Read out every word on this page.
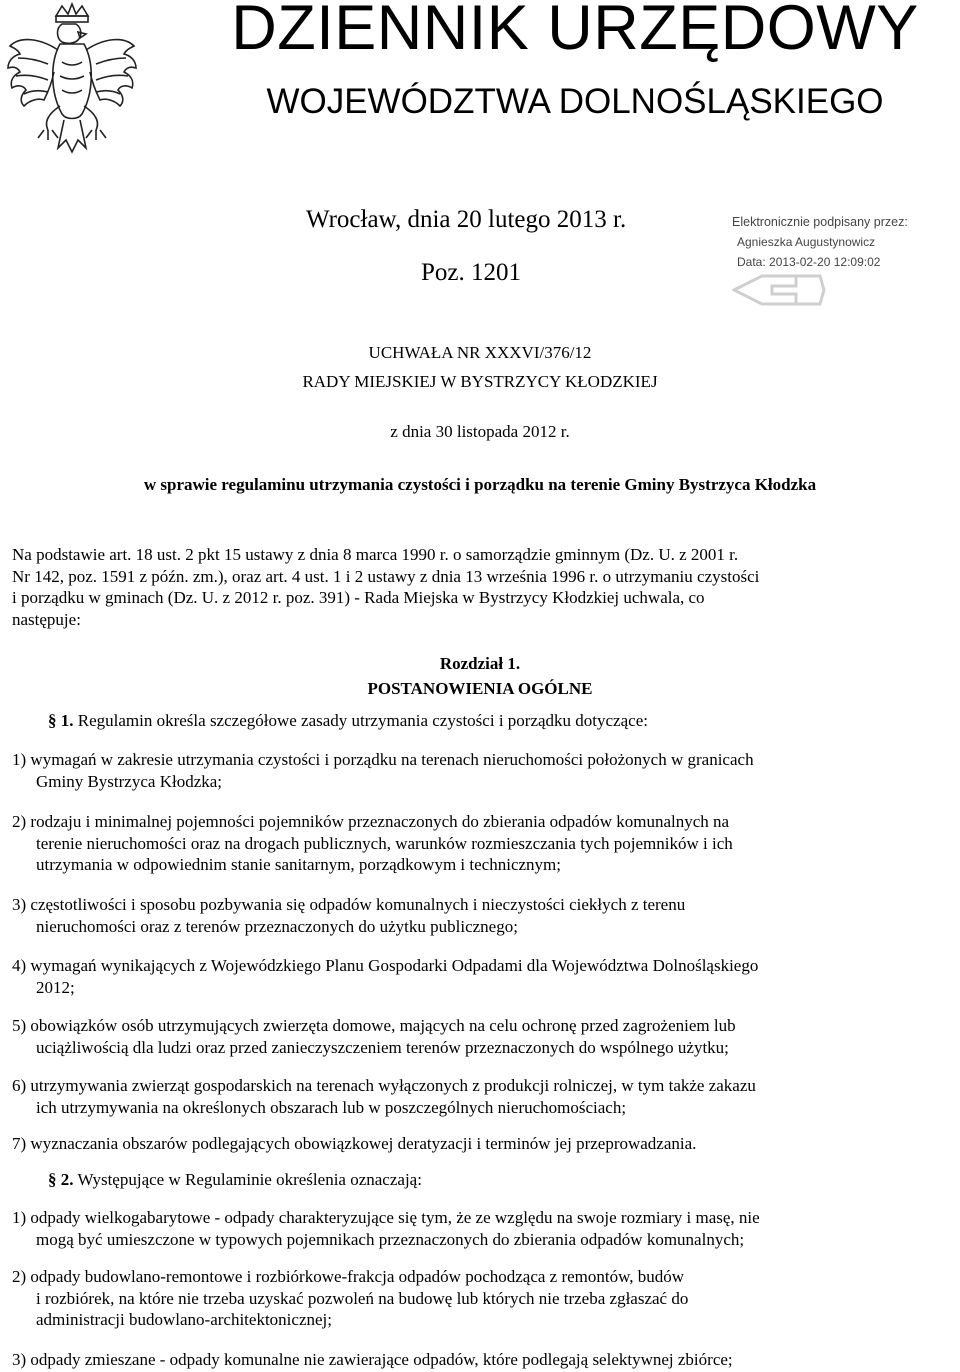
DZIENNIK URZĘDOWY
WOJEWÓDZTWA DOLNOŚLĄSKIEGO
Wrocław, dnia 20 lutego 2013 r.
Poz. 1201
Elektronicznie podpisany przez:
Agnieszka Augustynowicz
Data: 2013-02-20 12:09:02
UCHWAŁA NR XXXVI/376/12
RADY MIEJSKIEJ W BYSTRZYCY KŁODZKIEJ
z dnia 30 listopada 2012 r.
w sprawie regulaminu utrzymania czystości i porządku na terenie Gminy Bystrzyca Kłodzka
Na podstawie art. 18 ust. 2 pkt 15 ustawy z dnia 8 marca 1990 r. o samorządzie gminnym (Dz. U. z 2001 r.
Nr 142, poz. 1591 z późn. zm.), oraz art. 4 ust. 1 i 2 ustawy z dnia 13 września 1996 r. o utrzymaniu czystości
i porządku w gminach (Dz. U. z 2012 r. poz. 391) - Rada Miejska w Bystrzycy Kłodzkiej uchwala, co
następuje:
Rozdział 1.
POSTANOWIENIA OGÓLNE
§ 1. Regulamin określa szczegółowe zasady utrzymania czystości i porządku dotyczące:
1) wymagań w zakresie utrzymania czystości i porządku na terenach nieruchomości położonych w granicach
Gminy Bystrzyca Kłodzka;
2) rodzaju i minimalnej pojemności pojemników przeznaczonych do zbierania odpadów komunalnych na
terenie nieruchomości oraz na drogach publicznych, warunków rozmieszczania tych pojemników i ich
utrzymania w odpowiednim stanie sanitarnym, porządkowym i technicznym;
3) częstotliwości i sposobu pozbywania się odpadów komunalnych i nieczystości ciekłych z terenu
nieruchomości oraz z terenów przeznaczonych do użytku publicznego;
4) wymagań wynikających z Wojewódzkiego Planu Gospodarki Odpadami dla Województwa Dolnośląskiego
2012;
5) obowiązków osób utrzymujących zwierzęta domowe, mających na celu ochronę przed zagrożeniem lub
uciążliwością dla ludzi oraz przed zanieczyszczeniem terenów przeznaczonych do wspólnego użytku;
6) utrzymywania zwierząt gospodarskich na terenach wyłączonych z produkcji rolniczej, w tym także zakazu
ich utrzymywania na określonych obszarach lub w poszczególnych nieruchomościach;
7) wyznaczania obszarów podlegających obowiązkowej deratyzacji i terminów jej przeprowadzania.
§ 2. Występujące w Regulaminie określenia oznaczają:
1) odpady wielkogabarytowe - odpady charakteryzujące się tym, że ze względu na swoje rozmiary i masę, nie
mogą być umieszczone w typowych pojemnikach przeznaczonych do zbierania odpadów komunalnych;
2) odpady budowlano-remontowe i rozbiórkowe-frakcja odpadów pochodząca z remontów, budów
i rozbiórek, na które nie trzeba uzyskać pozwoleń na budowę lub których nie trzeba zgłaszać do
administracji budowlano-architektonicznej;
3) odpady zmieszane - odpady komunalne nie zawierające odpadów, które podlegają selektywnej zbiórce;
